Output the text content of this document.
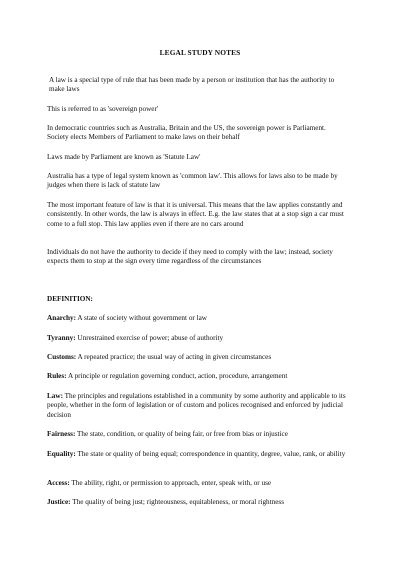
LEGAL STUDY NOTES

A law is a special type of rule that has been made by a person or institution that has the authority to make laws

This is referred to as 'sovereign power'

In democratic countries such as Australia, Britain and the US, the sovereign power is Parliament. Society elects Members of Parliament to make laws on their behalf

Laws made by Parliament are known as 'Statute Law'

Australia has a type of legal system known as 'common law'. This allows for laws also to be made by judges when there is lack of statute law

The most important feature of law is that it is universal. This means that the law applies constantly and consistently. In other words, the law is always in effect. E.g. the law states that at a stop sign a car must come to a full stop. This law applies even if there are no cars around

Individuals do not have the authority to decide if they need to comply with the law; instead, society expects them to stop at the sign every time regardless of the circumstances

DEFINITION:

Anarchy: A state of society without government or law

Tyranny: Unrestrained exercise of power; abuse of authority

Customs: A repeated practice; the usual way of acting in given circumstances

Rules: A principle or regulation governing conduct, action, procedure, arrangement

Law: The principles and regulations established in a community by some authority and applicable to its people, whether in the form of legislation or of custom and polices recognised and enforced by judicial decision

Fairness: The state, condition, or quality of being fair, or free from bias or injustice

Equality: The state or quality of being equal; correspondence in quantity, degree, value, rank, or ability

Access: The ability, right, or permission to approach, enter, speak with, or use

Justice: The quality of being just; righteousness, equitableness, or moral rightness
